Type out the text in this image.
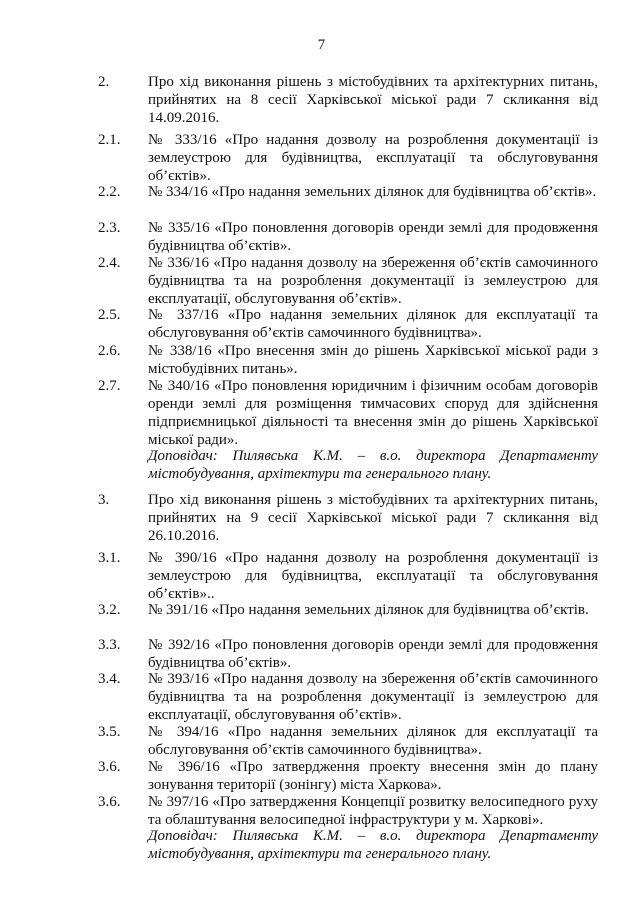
7
2.	Про хід виконання рішень з містобудівних та архітектурних питань, прийнятих на 8 сесії Харківської міської ради 7 скликання від 14.09.2016.
2.1. № 333/16 «Про надання дозволу на розроблення документації із землеустрою для будівництва, експлуатації та обслуговування об’єктів».
2.2. № 334/16 «Про надання земельних ділянок для будівництва об’єктів».
2.3. № 335/16 «Про поновлення договорів оренди землі для продовження будівництва об’єктів».
2.4. № 336/16 «Про надання дозволу на збереження об’єктів самочинного будівництва та на розроблення документації із землеустрою для експлуатації, обслуговування об’єктів».
2.5. № 337/16 «Про надання земельних ділянок для експлуатації та обслуговування об’єктів самочинного будівництва».
2.6. № 338/16 «Про внесення змін до рішень Харківської міської ради з містобудівних питань».
2.7. № 340/16 «Про поновлення юридичним і фізичним особам договорів оренди землі для розміщення тимчасових споруд для здійснення підприємницької діяльності та внесення змін до рішень Харківської міської ради».
Доповідач: Пилявська К.М. – в.о. директора Департаменту містобудування, архітектури та генерального плану.
3.	Про хід виконання рішень з містобудівних та архітектурних питань, прийнятих на 9 сесії Харківської міської ради 7 скликання від 26.10.2016.
3.1. № 390/16 «Про надання дозволу на розроблення документації із землеустрою для будівництва, експлуатації та обслуговування об’єктів»..
3.2. № 391/16 «Про надання земельних ділянок для будівництва об’єктів.
3.3. № 392/16 «Про поновлення договорів оренди землі для продовження будівництва об’єктів».
3.4. № 393/16 «Про надання дозволу на збереження об’єктів самочинного будівництва та на розроблення документації із землеустрою для експлуатації, обслуговування об’єктів».
3.5. № 394/16 «Про надання земельних ділянок для експлуатації та обслуговування об’єктів самочинного будівництва».
3.6. № 396/16 «Про затвердження проекту внесення змін до плану зонування території (зонінгу) міста Харкова».
3.6. № 397/16 «Про затвердження Концепції розвитку велосипедного руху та облаштування велосипедної інфраструктури у м. Харкові».
Доповідач: Пилявська К.М. – в.о. директора Департаменту містобудування, архітектури та генерального плану.
